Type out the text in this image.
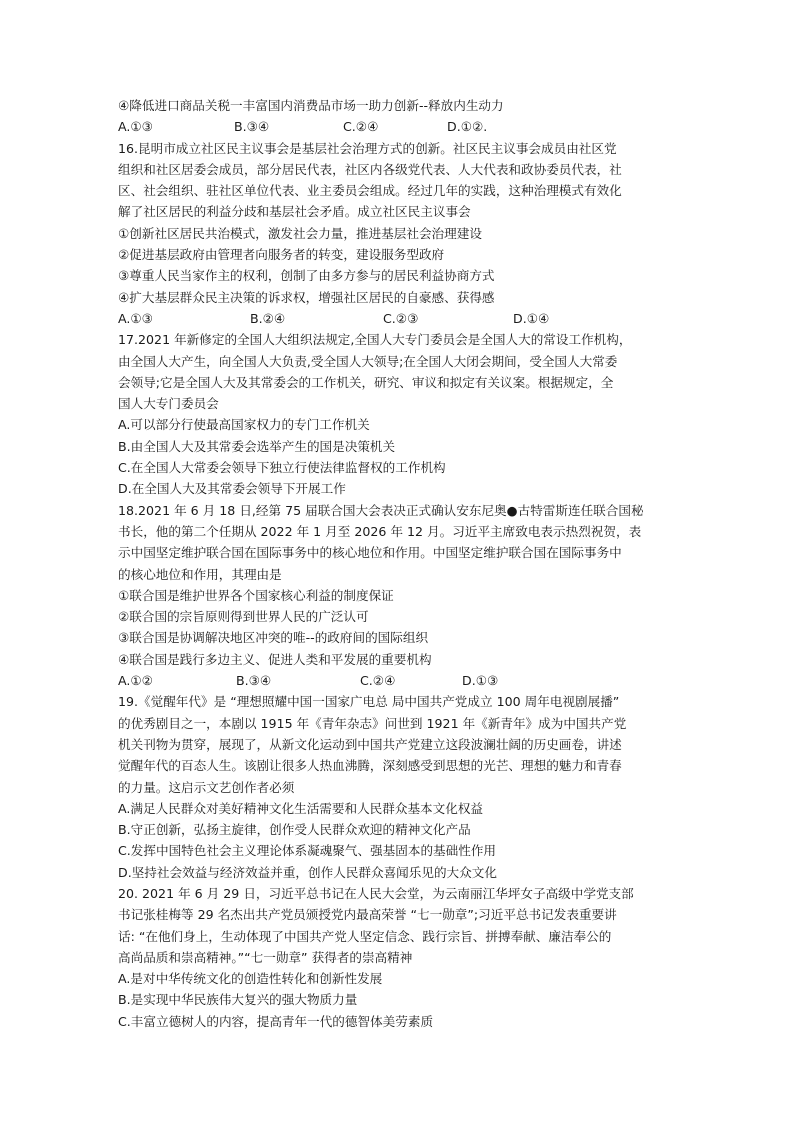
④降低进口商品关税一丰富国内消费品市场一助力创新--释放内生动力
A.①③	B.③④	C.②④	D.①②.
16.昆明市成立社区民主议事会是基层社会治理方式的创新。社区民主议事会成员由社区党
组织和社区居委会成员，部分居民代表，社区内各级党代表、人大代表和政协委员代表，社
区、社会组织、驻社区单位代表、业主委员会组成。经过几年的实践，这种治理模式有效化
解了社区居民的利益分歧和基层社会矛盾。成立社区民主议事会
①创新社区居民共治模式，激发社会力量，推进基层社会治理建设
②促进基层政府由管理者向服务者的转变，建设服务型政府
③尊重人民当家作主的权利，创制了由多方参与的居民利益协商方式
④扩大基层群众民主决策的诉求权，增强社区居民的自豪感、获得感
A.①③	B.②④	C.②③	D.①④
17.2021 年新修定的全国人大组织法规定,全国人大专门委员会是全国人大的常设工作机构，
由全国人大产生，向全国人大负责,受全国人大领导;在全国人大闭会期间，受全国人大常委
会领导;它是全国人大及其常委会的工作机关，研究、审议和拟定有关议案。根据规定，全
国人大专门委员会
A.可以部分行使最高国家权力的专门工作机关
B.由全国人大及其常委会选举产生的国是决策机关
C.在全国人大常委会领导下独立行使法律监督权的工作机构
D.在全国人大及其常委会领导下开展工作
18.2021 年 6 月 18 日,经第 75 届联合国大会表决正式确认安东尼奥●古特雷斯连任联合国秘
书长，他的第二个任期从 2022 年 1 月至 2026 年 12 月。习近平主席致电表示热烈祝贺，表
示中国坚定维护联合国在国际事务中的核心地位和作用。中国坚定维护联合国在国际事务中
的核心地位和作用，其理由是
①联合国是维护世界各个国家核心利益的制度保证
②联合国的宗旨原则得到世界人民的广泛认可
③联合国是协调解决地区冲突的唯--的政府间的国际组织
④联合国是践行多边主义、促进人类和平发展的重要机构
A.①②	B.③④	C.②④	D.①③
19.《觉醒年代》是 “理想照耀中国一国家广电总 局中国共产党成立 100 周年电视剧展播”
的优秀剧目之一，本剧以 1915 年《青年杂志》问世到 1921 年《新青年》成为中国共产党
机关刊物为贯穿，展现了，从新文化运动到中国共产党建立这段波澜壮阔的历史画卷，讲述
觉醒年代的百态人生。该剧让很多人热血沸腾，深刻感受到思想的光芒、理想的魅力和青春
的力量。这启示文艺创作者必须
A.满足人民群众对美好精神文化生活需要和人民群众基本文化权益
B.守正创新，弘扬主旋律，创作受人民群众欢迎的精神文化产品
C.发挥中国特色社会主义理论体系凝魂聚气、强基固本的基础性作用
D.坚持社会效益与经济效益并重，创作人民群众喜闻乐见的大众文化
20. 2021 年 6 月 29 日，习近平总书记在人民大会堂，为云南丽江华坪女子高级中学党支部
书记张桂梅等 29 名杰出共产党员颁授党内最高荣誉 “七一勋章”;习近平总书记发表重要讲
话: “在他们身上，生动体现了中国共产党人坚定信念、践行宗旨、拼搏奉献、廉洁奉公的
高尚品质和崇高精神。”“七一勋章” 获得者的崇高精神
A.是对中华传统文化的创造性转化和创新性发展
B.是实现中华民族伟大复兴的强大物质力量
C.丰富立德树人的内容，提高青年一代的德智体美劳素质
